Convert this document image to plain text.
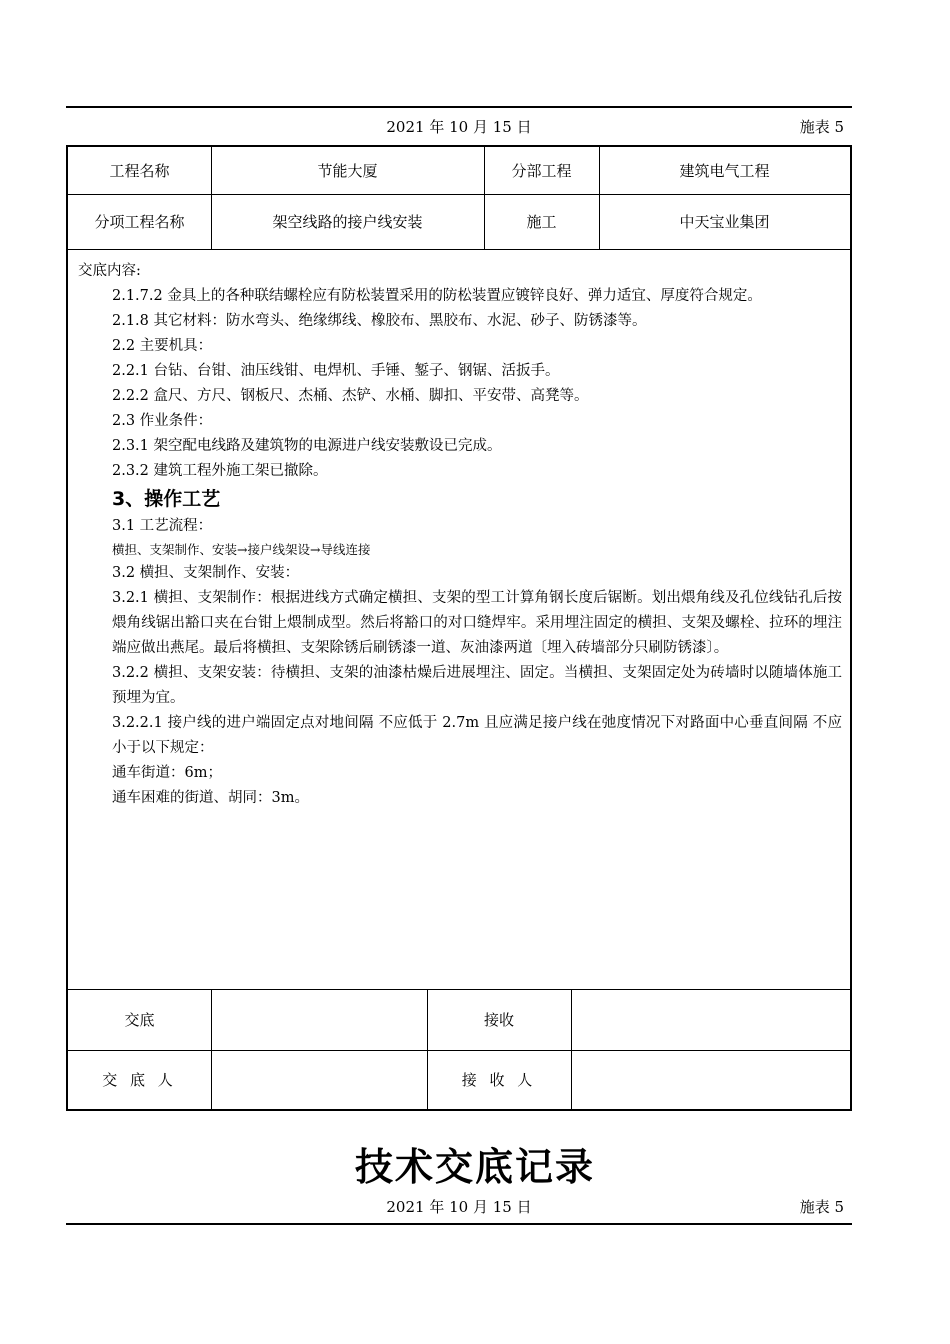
2021 年 10 月 15 日	施表 5
工程名称	节能大厦	分部工程	建筑电气工程
分项工程名称	架空线路的接户线安装	施工	中天宝业集团

交底内容:

2.1.7.2 金具上的各种联结螺栓应有防松装置采用的防松装置应镀锌良好、弹力适宜、厚度符合规定。

2.1.8 其它材料：防水弯头、绝缘绑线、橡胶布、黑胶布、水泥、砂子、防锈漆等。

2.2 主要机具：

2.2.1 台钻、台钳、油压线钳、电焊机、手锤、錾子、钢锯、活扳手。

2.2.2 盒尺、方尺、钢板尺、杰桶、杰铲、水桶、脚扣、平安带、高凳等。

2.3 作业条件：

2.3.1 架空配电线路及建筑物的电源进户线安装敷设已完成。

2.3.2 建筑工程外施工架已撤除。

3、操作工艺

3.1 工艺流程：

横担、支架制作、安装→接户线架设→导线连接

3.2 横担、支架制作、安装：

3.2.1 横担、支架制作：根据进线方式确定横担、支架的型工计算角钢长度后锯断。划出煨角线及孔位线钻孔后按煨角线锯出豁口夹在台钳上煨制成型。然后将豁口的对口缝焊牢。采用埋注固定的横担、支架及螺栓、拉环的埋注端应做出燕尾。最后将横担、支架除锈后刷锈漆一道、灰油漆两道〔埋入砖墙部分只刷防锈漆〕。

3.2.2 横担、支架安装：待横担、支架的油漆枯燥后进展埋注、固定。当横担、支架固定处为砖墙时以随墙体施工预埋为宜。

3.2.2.1 接户线的进户端固定点对地间隔 不应低于 2.7m 且应满足接户线在弛度情况下对路面中心垂直间隔 不应小于以下规定：

通车街道：6m；

通车困难的街道、胡同：3m。

交底	接收
交 底 人	接 收 人
技术交底记录
2021 年 10 月 15 日	施表 5
